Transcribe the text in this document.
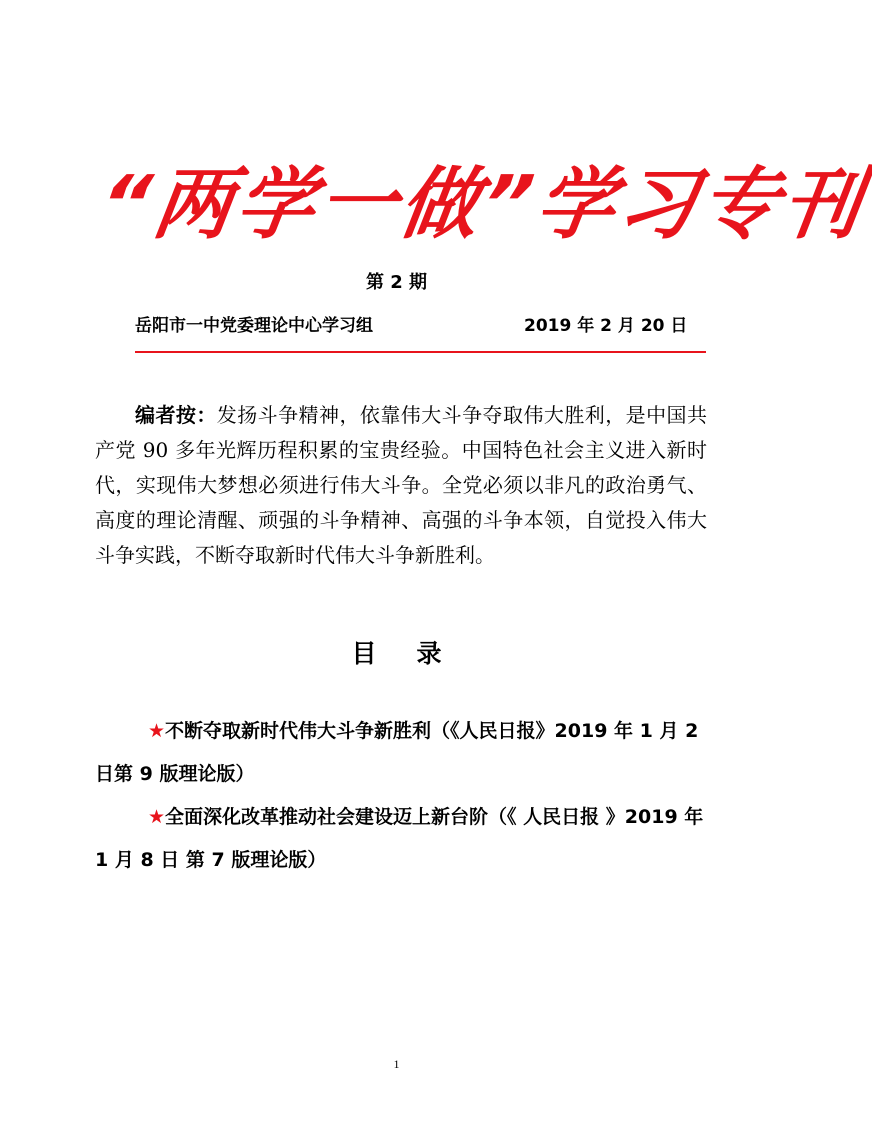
“两学一做”学习专刊
第 2 期
岳阳市一中党委理论中心学习组	2019 年 2 月 20 日

编者按：发扬斗争精神，依靠伟大斗争夺取伟大胜利，是中国共产党 90 多年光辉历程积累的宝贵经验。中国特色社会主义进入新时代，实现伟大梦想必须进行伟大斗争。全党必须以非凡的政治勇气、高度的理论清醒、顽强的斗争精神、高强的斗争本领，自觉投入伟大斗争实践，不断夺取新时代伟大斗争新胜利。

目 录

★不断夺取新时代伟大斗争新胜利（《人民日报》2019 年 1 月 2 日第 9 版理论版）

★全面深化改革推动社会建设迈上新台阶（《 人民日报 》2019 年 1 月 8 日 第 7 版理论版）

1
